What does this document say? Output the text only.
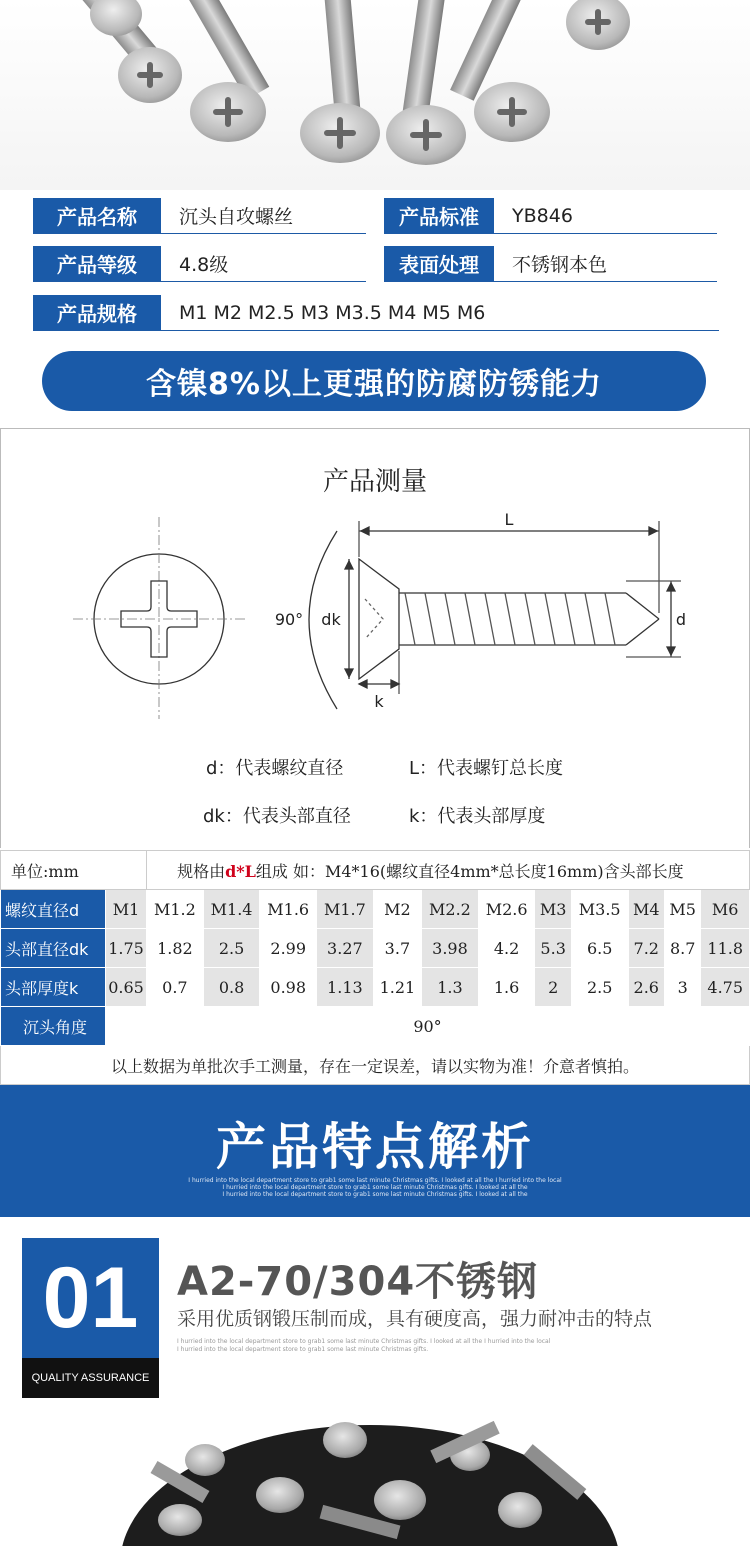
产品名称	沉头自攻螺丝	产品标准	YB846
产品等级	4.8级	表面处理	不锈钢本色
产品规格	M1 M2 M2.5 M3 M3.5 M4 M5 M6
含镍8%以上更强的防腐防锈能力
产品测量
L
dk	d
k
90°
d：代表螺纹直径	L：代表螺钉总长度
dk：代表头部直径	k：代表头部厚度
单位:mm		规格由d*L组成 如：M4*16(螺纹直径4mm*总长度16mm)含头部长度											
螺纹直径d	M1	M1.2	M1.4	M1.6	M1.7	M2	M2.2	M2.6	M3	M3.5	M4	M5	M6
头部直径dk	1.75	1.82	2.5	2.99	3.27	3.7	3.98	4.2	5.3	6.5	7.2	8.7	11.8
头部厚度k	0.65	0.7	0.8	0.98	1.13	1.21	1.3	1.6	2	2.5	2.6	3	4.75
沉头角度	90°												
以上数据为单批次手工测量，存在一定误差，请以实物为准！介意者慎拍。													
产品特点解析
I hurried into the local department store to grab1 some last minute Christmas gifts. I looked at all the I hurried into the local
I hurried into the local department store to grab1 some last minute Christmas gifts. I looked at all the
I hurried into the local department store to grab1 some last minute Christmas gifts. I looked at all the
01
QUALITY ASSURANCE
A2-70/304不锈钢
采用优质钢锻压制而成，具有硬度高，强力耐冲击的特点
I hurried into the local department store to grab1 some last minute Christmas gifts. I looked at all the I hurried into the local
I hurried into the local department store to grab1 some last minute Christmas gifts.
